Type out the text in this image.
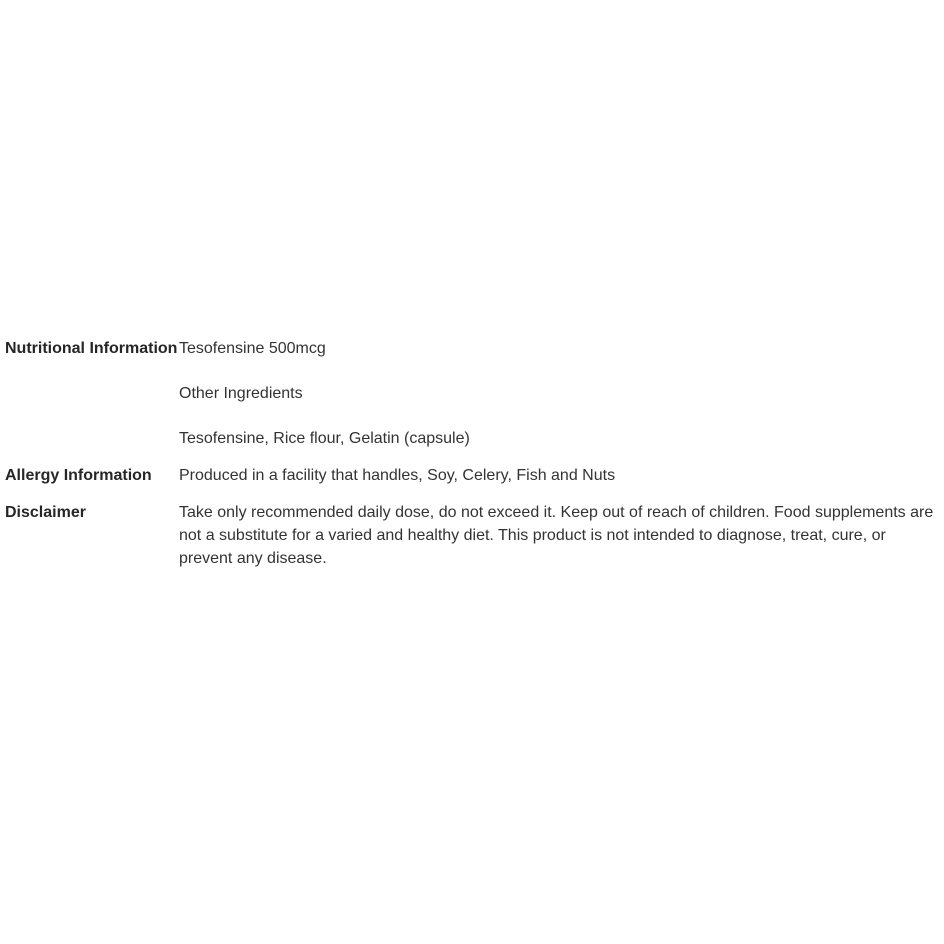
Nutritional Information Tesofensine 500mcg

Other Ingredients

Tesofensine, Rice flour, Gelatin (capsule)

Allergy Information	Produced in a facility that handles, Soy, Celery, Fish and Nuts

Disclaimer	Take only recommended daily dose, do not exceed it. Keep out of reach of children. Food supplements are not a substitute for a varied and healthy diet. This product is not intended to diagnose, treat, cure, or prevent any disease.
